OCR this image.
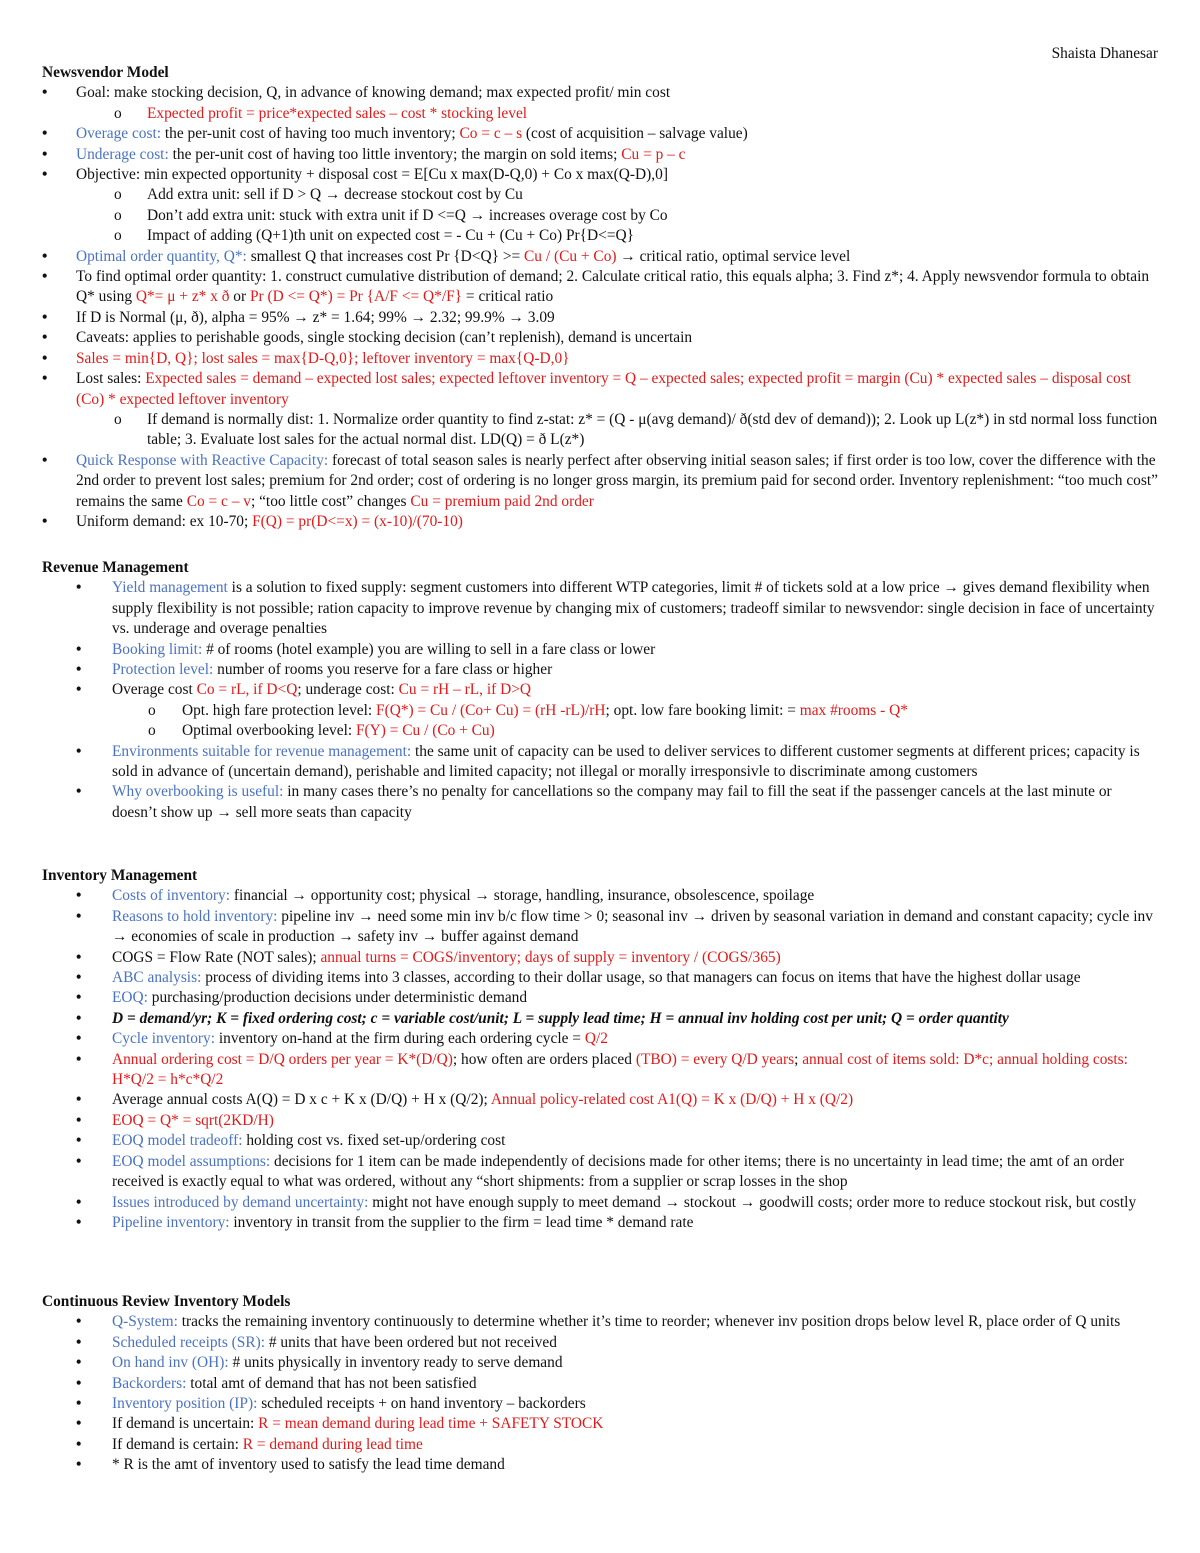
Shaista Dhanesar
Newsvendor Model
• Goal: make stocking decision, Q, in advance of knowing demand; max expected profit/ min cost
o Expected profit = price*expected sales – cost * stocking level
• Overage cost: the per-unit cost of having too much inventory; Co = c – s (cost of acquisition – salvage value)
• Underage cost: the per-unit cost of having too little inventory; the margin on sold items; Cu = p – c
• Objective: min expected opportunity + disposal cost = E[Cu x max(D-Q,0) + Co x max(Q-D),0]
o Add extra unit: sell if D > Q → decrease stockout cost by Cu
o Don’t add extra unit: stuck with extra unit if D <=Q → increases overage cost by Co
o Impact of adding (Q+1)th unit on expected cost = - Cu + (Cu + Co) Pr{D<=Q}
• Optimal order quantity, Q*: smallest Q that increases cost Pr {D<Q} >= Cu / (Cu + Co) → critical ratio, optimal service level
• To find optimal order quantity: 1. construct cumulative distribution of demand; 2. Calculate critical ratio, this equals alpha; 3. Find z*; 4. Apply newsvendor formula to obtain Q* using Q*= μ + z* x ð or Pr (D <= Q*) = Pr {A/F <= Q*/F} = critical ratio
• If D is Normal (μ, ð), alpha = 95% → z* = 1.64; 99% → 2.32; 99.9% → 3.09
• Caveats: applies to perishable goods, single stocking decision (can’t replenish), demand is uncertain
• Sales = min{D, Q}; lost sales = max{D-Q,0}; leftover inventory = max{Q-D,0}
• Lost sales: Expected sales = demand – expected lost sales; expected leftover inventory = Q – expected sales; expected profit = margin (Cu) * expected sales – disposal cost (Co) * expected leftover inventory
o If demand is normally dist: 1. Normalize order quantity to find z-stat: z* = (Q - μ(avg demand)/ ð(std dev of demand)); 2. Look up L(z*) in std normal loss function table; 3. Evaluate lost sales for the actual normal dist. LD(Q) = ð L(z*)
• Quick Response with Reactive Capacity: forecast of total season sales is nearly perfect after observing initial season sales; if first order is too low, cover the difference with the 2nd order to prevent lost sales; premium for 2nd order; cost of ordering is no longer gross margin, its premium paid for second order. Inventory replenishment: “too much cost” remains the same Co = c – v; “too little cost” changes Cu = premium paid 2nd order
• Uniform demand: ex 10-70; F(Q) = pr(D<=x) = (x-10)/(70-10)
Revenue Management
• Yield management is a solution to fixed supply: segment customers into different WTP categories, limit # of tickets sold at a low price → gives demand flexibility when supply flexibility is not possible; ration capacity to improve revenue by changing mix of customers; tradeoff similar to newsvendor: single decision in face of uncertainty vs. underage and overage penalties
• Booking limit: # of rooms (hotel example) you are willing to sell in a fare class or lower
• Protection level: number of rooms you reserve for a fare class or higher
• Overage cost Co = rL, if D<Q; underage cost: Cu = rH – rL, if D>Q
o Opt. high fare protection level: F(Q*) = Cu / (Co+ Cu) = (rH -rL)/rH; opt. low fare booking limit: = max #rooms - Q*
o Optimal overbooking level: F(Y) = Cu / (Co + Cu)
• Environments suitable for revenue management: the same unit of capacity can be used to deliver services to different customer segments at different prices; capacity is sold in advance of (uncertain demand), perishable and limited capacity; not illegal or morally irresponsivle to discriminate among customers
• Why overbooking is useful: in many cases there’s no penalty for cancellations so the company may fail to fill the seat if the passenger cancels at the last minute or doesn’t show up → sell more seats than capacity
Inventory Management
• Costs of inventory: financial → opportunity cost; physical → storage, handling, insurance, obsolescence, spoilage
• Reasons to hold inventory: pipeline inv → need some min inv b/c flow time > 0; seasonal inv → driven by seasonal variation in demand and constant capacity; cycle inv → economies of scale in production → safety inv → buffer against demand
• COGS = Flow Rate (NOT sales); annual turns = COGS/inventory; days of supply = inventory / (COGS/365)
• ABC analysis: process of dividing items into 3 classes, according to their dollar usage, so that managers can focus on items that have the highest dollar usage
• EOQ: purchasing/production decisions under deterministic demand
• D = demand/yr; K = fixed ordering cost; c = variable cost/unit; L = supply lead time; H = annual inv holding cost per unit; Q = order quantity
• Cycle inventory: inventory on-hand at the firm during each ordering cycle = Q/2
• Annual ordering cost = D/Q orders per year = K*(D/Q); how often are orders placed (TBO) = every Q/D years; annual cost of items sold: D*c; annual holding costs: H*Q/2 = h*c*Q/2
• Average annual costs A(Q) = D x c + K x (D/Q) + H x (Q/2); Annual policy-related cost A1(Q) = K x (D/Q) + H x (Q/2)
• EOQ = Q* = sqrt(2KD/H)
• EOQ model tradeoff: holding cost vs. fixed set-up/ordering cost
• EOQ model assumptions: decisions for 1 item can be made independently of decisions made for other items; there is no uncertainty in lead time; the amt of an order received is exactly equal to what was ordered, without any “short shipments: from a supplier or scrap losses in the shop
• Issues introduced by demand uncertainty: might not have enough supply to meet demand → stockout → goodwill costs; order more to reduce stockout risk, but costly
• Pipeline inventory: inventory in transit from the supplier to the firm = lead time * demand rate
Continuous Review Inventory Models
• Q-System: tracks the remaining inventory continuously to determine whether it’s time to reorder; whenever inv position drops below level R, place order of Q units
• Scheduled receipts (SR): # units that have been ordered but not received
• On hand inv (OH): # units physically in inventory ready to serve demand
• Backorders: total amt of demand that has not been satisfied
• Inventory position (IP): scheduled receipts + on hand inventory – backorders
• If demand is uncertain: R = mean demand during lead time + SAFETY STOCK
• If demand is certain: R = demand during lead time
• * R is the amt of inventory used to satisfy the lead time demand
